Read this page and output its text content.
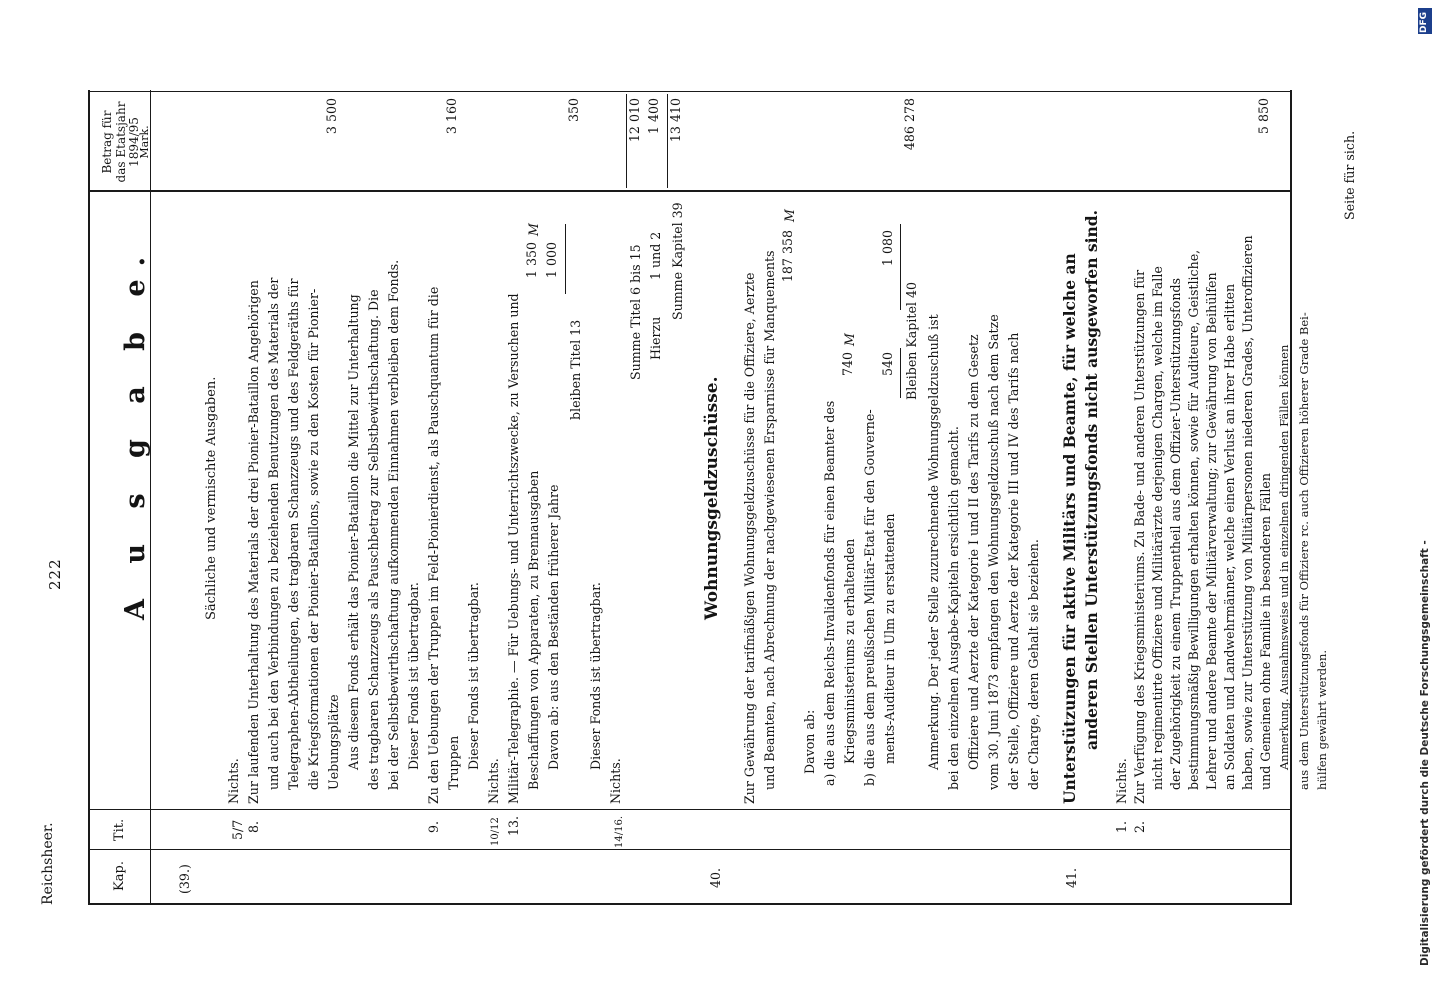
Reichsheer.
222
Kap.
Tit.
Betrag für das Etatsjahr 1894/95
Mark.
A u s g a b e.
(39.)
Sächliche und vermischte Ausgaben.
Nichts.
5/7 8.
Zur laufenden Unterhaltung des Materials der drei Pionier-Bataillon Angehörigen und auch bei den Verbindungen zu beziehenden Benutzungen des Materials der Telegraphen-Abtheilungen, des tragbaren Schanzzeugs und des Feldgeräths für die Kriegsformationen der Pionier-Bataillons, sowie zu den Kosten für Pionier- Uebungsplätze
3 500
Aus diesem Fonds erhält das Pionier-Bataillon die Mittel zur Unterhaltung des tragbaren Schanzzeugs als Pauschbetrag zur Selbstbewirthschaftung. Die bei der Selbstbewirthschaftung aufkommenden Einnahmen verbleiben dem Fonds. Dieser Fonds ist übertragbar.
9.
Zu den Uebungen der Truppen im Feld-Pionierdienst, als Pauschquantum für die Truppen
3 160
Dieser Fonds ist übertragbar.
10/12
Nichts.
13.
Militär-Telegraphie. — Für Uebungs- und Unterrichtszwecke, zu Versuchen und Beschaffungen von Apparaten, zu Brennausgaben
1 350
M
Davon ab: aus den Beständen früherer Jahre
1 000
bleiben Titel 13
350
Dieser Fonds ist übertragbar.
14/16.
Nichts.
Summe Titel 6 bis 15
12 010
Hierzu
1 und 2
1 400
Summe Kapitel 39
13 410
40.
Wohnungsgeldzuschüsse. Zur Gewährung der tarifmäßigen Wohnungsgeldzuschüsse für die Offiziere, Aerzte und Beamten, nach Abrechnung der nachgewiesenen Ersparnisse für Manquements 187 358
M
Davon ab: a) die aus dem Reichs-Invalidenfonds für einen Beamter des Kriegsministeriums zu erhaltenden
740
M
b) die aus dem preußischen Militär-Etat für den Gouverne- ments-Auditeur in Ulm zu erstattenden
540
1 080
Bleiben Kapitel 40
486 278
Anmerkung. Der jeder Stelle zuzurechnende Wohnungsgeldzuschuß ist bei den einzelnen Ausgabe-Kapiteln ersichtlich gemacht. Offiziere und Aerzte der Kategorie I und II des Tarifs zu dem Gesetz vom 30. Juni 1873 empfangen den Wohnungsgeldzuschuß nach dem Satze der Stelle, Offiziere und Aerzte der Kategorie III und IV des Tarifs nach der Charge, deren Gehalt sie beziehen.
41.
Unterstützungen für aktive Militärs und Beamte, für welche an anderen Stellen Unterstützungsfonds nicht ausgeworfen sind.
1.
Nichts.
2.
Zur Verfügung des Kriegsministeriums. Zu Bade- und anderen Unterstützungen für nicht regimentirte Offiziere und Militärärzte derjenigen Chargen, welche im Falle der Zugehörigkeit zu einem Truppentheil aus dem Offizier-Unterstützungsfonds bestimmungsmäßig Bewilligungen erhalten können, sowie für Auditeure, Geistliche, Lehrer und andere Beamte der Militärverwaltung; zur Gewährung von Beihülfen an Soldaten und Landwehrmänner, welche einen Verlust an ihrer Habe erlitten haben, sowie zur Unterstützung von Militärpersonen niederen Grades, Unteroffizieren und Gemeinen ohne Familie in besonderen Fällen
5 850
Anmerkung. Ausnahmsweise und in einzelnen dringenden Fällen können aus dem Unterstützungsfonds für Offiziere rc. auch Offizieren höherer Grade Bei- hülfen gewährt werden.
Seite für sich.
DFG
Digitalisierung gefördert durch die Deutsche Forschungsgemeinschaft -
